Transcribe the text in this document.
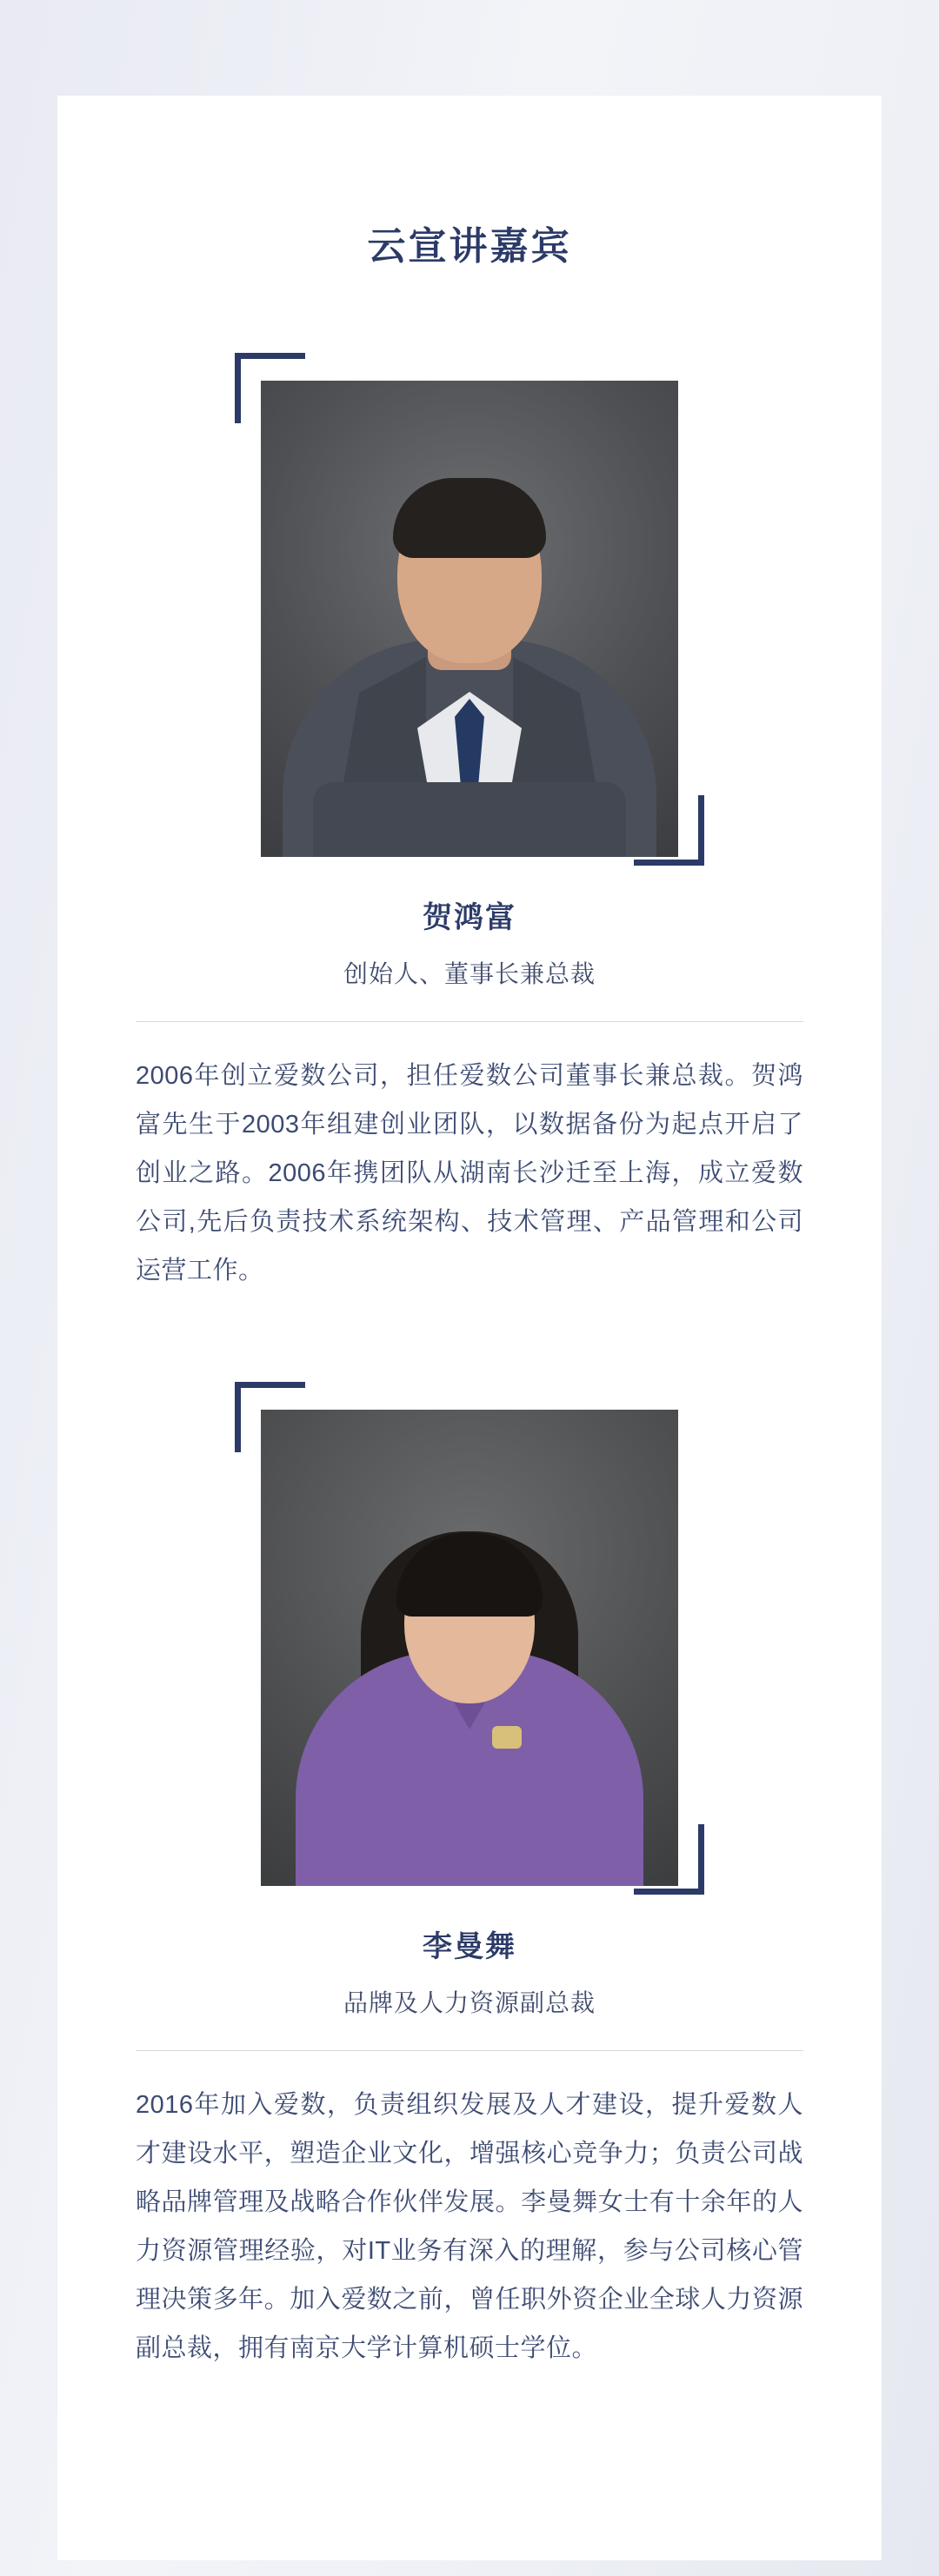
云宣讲嘉宾
贺鸿富
创始人、董事长兼总裁
2006年创立爱数公司，担任爱数公司董事长兼总裁。贺鸿富先生于2003年组建创业团队，以数据备份为起点开启了创业之路。2006年携团队从湖南长沙迁至上海，成立爱数公司,先后负责技术系统架构、技术管理、产品管理和公司运营工作。
李曼舞
品牌及人力资源副总裁
2016年加入爱数，负责组织发展及人才建设，提升爱数人才建设水平，塑造企业文化，增强核心竞争力；负责公司战略品牌管理及战略合作伙伴发展。李曼舞女士有十余年的人力资源管理经验，对IT业务有深入的理解，参与公司核心管理决策多年。加入爱数之前，曾任职外资企业全球人力资源副总裁，拥有南京大学计算机硕士学位。
